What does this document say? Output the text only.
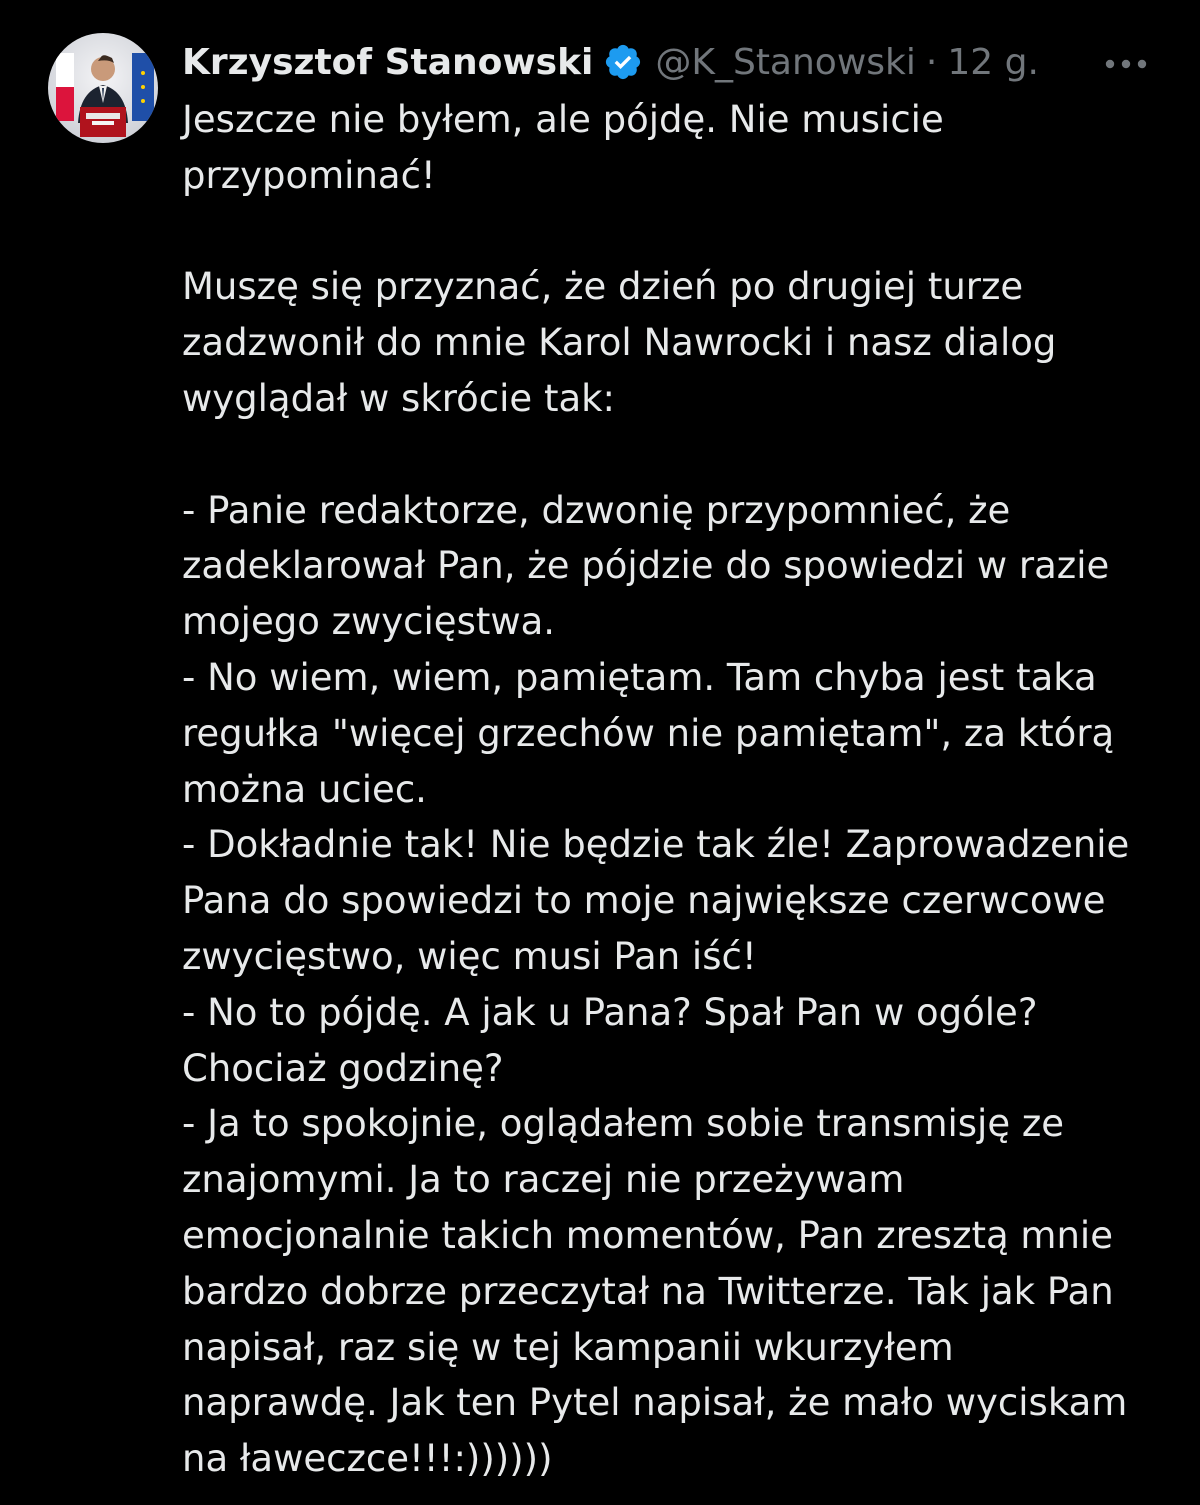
Krzysztof Stanowski @K_Stanowski · 12 g.
Jeszcze nie byłem, ale pójdę. Nie musicie
przypominać!
Muszę się przyznać, że dzień po drugiej turze
zadzwonił do mnie Karol Nawrocki i nasz dialog
wyglądał w skrócie tak:
- Panie redaktorze, dzwonię przypomnieć, że
zadeklarował Pan, że pójdzie do spowiedzi w razie
mojego zwycięstwa.
- No wiem, wiem, pamiętam. Tam chyba jest taka
regułka "więcej grzechów nie pamiętam", za którą
można uciec.
- Dokładnie tak! Nie będzie tak źle! Zaprowadzenie
Pana do spowiedzi to moje największe czerwcowe
zwycięstwo, więc musi Pan iść!
- No to pójdę. A jak u Pana? Spał Pan w ogóle?
Chociaż godzinę?
- Ja to spokojnie, oglądałem sobie transmisję ze
znajomymi. Ja to raczej nie przeżywam
emocjonalnie takich momentów, Pan zresztą mnie
bardzo dobrze przeczytał na Twitterze. Tak jak Pan
napisał, raz się w tej kampanii wkurzyłem
naprawdę. Jak ten Pytel napisał, że mało wyciskam
na ławeczce!!!:))))))
